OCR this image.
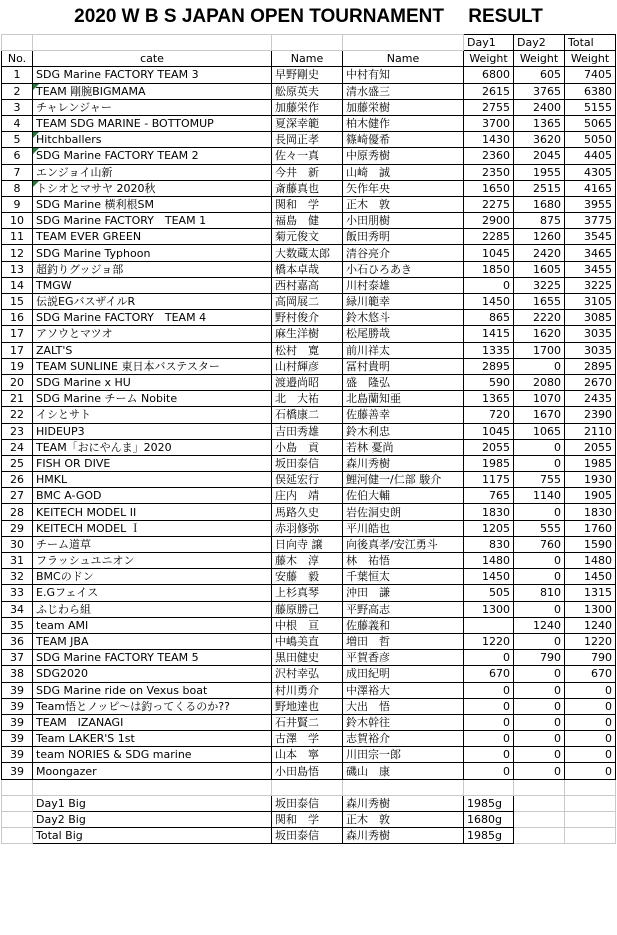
2020 W B S JAPAN OPEN TOURNAMENT　 RESULT
				Day1	Day2	Total
No.	cate	Name	Name	Weight	Weight	Weight
1	SDG Marine FACTORY TEAM 3	早野剛史	中村有知	6800	605	7405
2	TEAM 剛腕BIGMAMA	舩原英夫	清水盛三	2615	3765	6380
3	チャレンジャー	加藤栄作	加藤栄樹	2755	2400	5155
4	TEAM SDG MARINE - BOTTOMUP	夏深幸範	柏木健作	3700	1365	5065
5	Hitchballers	長岡正孝	篠崎優希	1430	3620	5050
6	SDG Marine FACTORY TEAM 2	佐々一真	中原秀樹	2360	2045	4405
7	エンジョイ山新	今井　新	山崎　誠	2350	1955	4305
8	トシオとマサヤ 2020秋	斎藤真也	矢作年央	1650	2515	4165
9	SDG Marine 横利根SM	関和　学	正木　敦	2275	1680	3955
10	SDG Marine FACTORY　TEAM 1	福島　健	小田朋樹	2900	875	3775
11	TEAM EVER GREEN	菊元俊文	飯田秀明	2285	1260	3545
12	SDG Marine Typhoon	大数蔵太郎	清谷亮介	1045	2420	3465
13	超釣りグッジョ部	橋本卓哉	小石ひろあき	1850	1605	3455
14	TMGW	西村嘉高	川村泰雄	0	3225	3225
15	伝説EGバスザイルR	高岡展二	緑川範幸	1450	1655	3105
16	SDG Marine FACTORY　TEAM 4	野村俊介	鈴木悠斗	865	2220	3085
17	アソウとマツオ	麻生洋樹	松尾勝哉	1415	1620	3035
17	ZALT'S	松村　寛	前川祥太	1335	1700	3035
19	TEAM SUNLINE 東日本バステスター	山村輝彦	冨村貴明	2895	0	2895
20	SDG Marine x HU	渡邉尚昭	盛　隆弘	590	2080	2670
21	SDG Marine チーム Nobite	北　大祐	北島蘭知亜	1365	1070	2435
22	イシとサト	石橋康二	佐藤善幸	720	1670	2390
23	HIDEUP3	吉田秀雄	鈴木利忠	1045	1065	2110
24	TEAM「おにやんま」2020	小島　貢	若林 憂尚	2055	0	2055
25	FISH OR DIVE	坂田泰信	森川秀樹	1985	0	1985
26	HMKL	俣延宏行	鯉河健一/仁部 駿介	1175	755	1930
27	BMC A-GOD	庄内　靖	佐伯大輔	765	1140	1905
28	KEITECH MODEL II	馬路久史	岩佐洞史朗	1830	0	1830
29	KEITECH MODEL Ｉ	赤羽修弥	平川皓也	1205	555	1760
30	チーム道草	日向寺 譲	向後真孝/安江勇斗	830	760	1590
31	フラッシュユニオン	藤木　淳	林　祐悟	1480	0	1480
32	BMCのドン	安藤　毅	千葉恒太	1450	0	1450
33	E.Gフェイス	上杉真琴	沖田　謙	505	810	1315
34	ふじわら組	藤原勝己	平野高志	1300	0	1300
35	team AMI	中根　亘	佐藤義和		1240	1240
36	TEAM JBA	中嶋美直	増田　哲	1220	0	1220
37	SDG Marine FACTORY TEAM 5	黒田健史	平賀香彦	0	790	790
38	SDG2020	沢村幸弘	成田紀明	670	0	670
39	SDG Marine ride on Vexus boat	村川勇介	中澤裕大	0	0	0
39	Team悟とノッピ〜は釣ってくるのか??	野地達也	大出　悟	0	0	0
39	TEAM　IZANAGI	石井賢二	鈴木幹往	0	0	0
39	Team LAKER'S 1st	古澤　学	志賀裕介	0	0	0
39	team NORIES & SDG marine	山本　寧	川田宗一郎	0	0	0
39	Moongazer	小田島悟	磯山　康	0	0	0

	Day1 Big	坂田泰信	森川秀樹	1985g		
	Day2 Big	関和　学	正木　敦	1680g		
	Total Big	坂田泰信	森川秀樹	1985g		
